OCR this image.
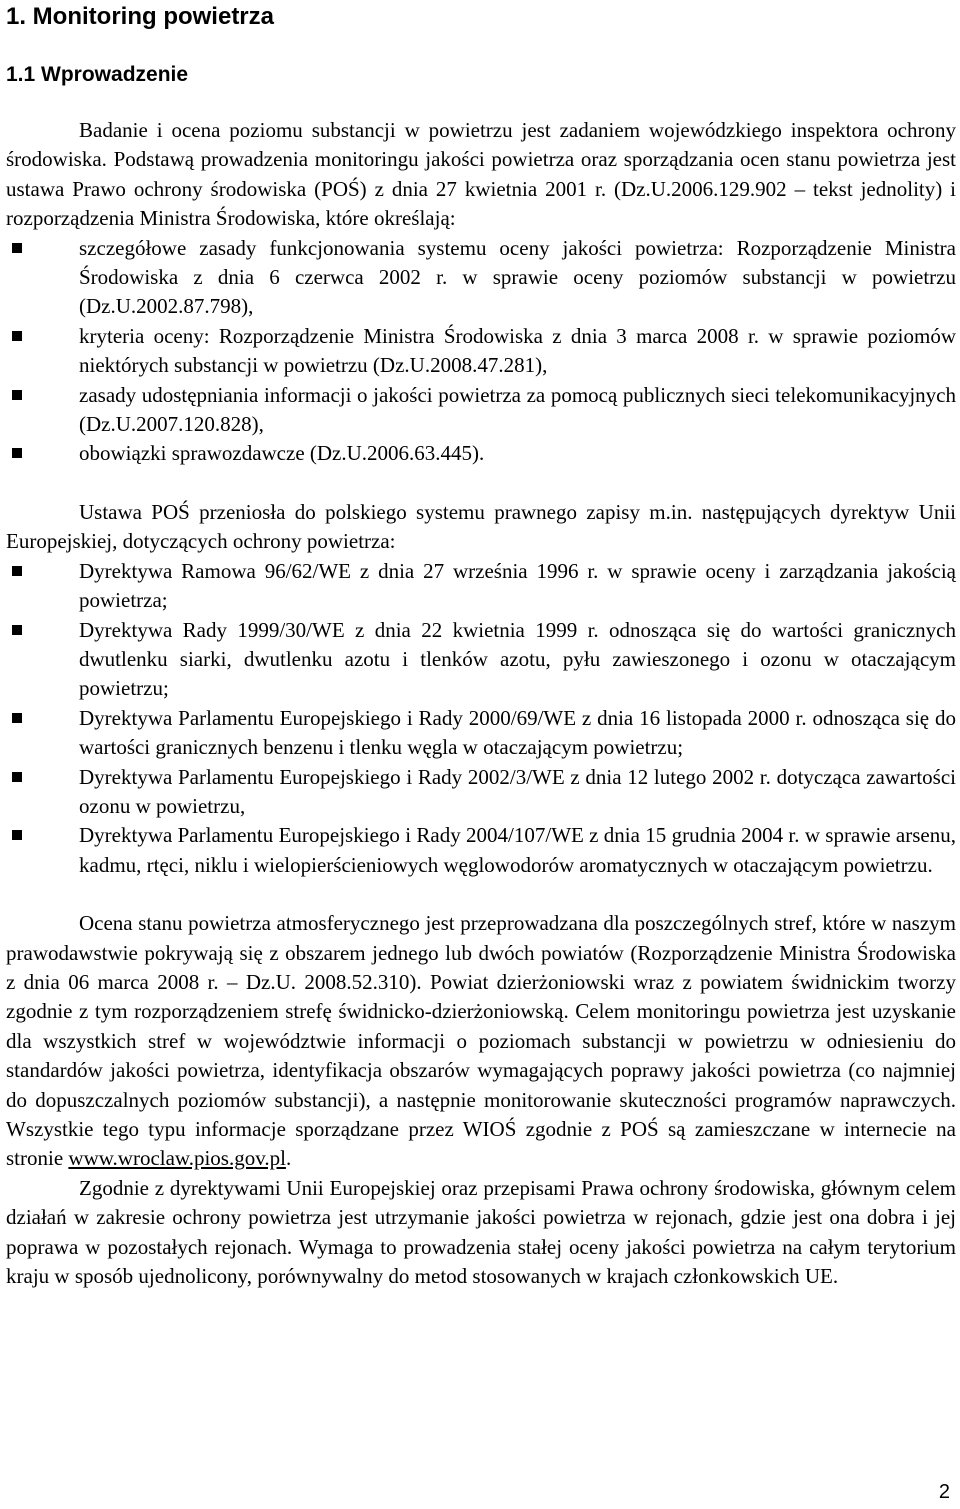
1. Monitoring powietrza
1.1 Wprowadzenie

Badanie i ocena poziomu substancji w powietrzu jest zadaniem wojewódzkiego inspektora ochrony środowiska. Podstawą prowadzenia monitoringu jakości powietrza oraz sporządzania ocen stanu powietrza jest ustawa Prawo ochrony środowiska (POŚ) z dnia 27 kwietnia 2001 r. (Dz.U.2006.129.902 – tekst jednolity) i rozporządzenia Ministra Środowiska, które określają:

szczegółowe zasady funkcjonowania systemu oceny jakości powietrza: Rozporządzenie Ministra Środowiska z dnia 6 czerwca 2002 r. w sprawie oceny poziomów substancji w powietrzu (Dz.U.2002.87.798),
kryteria oceny: Rozporządzenie Ministra Środowiska z dnia 3 marca 2008 r. w sprawie poziomów niektórych substancji w powietrzu (Dz.U.2008.47.281),
zasady udostępniania informacji o jakości powietrza za pomocą publicznych sieci telekomunikacyjnych (Dz.U.2007.120.828),
obowiązki sprawozdawcze (Dz.U.2006.63.445).

Ustawa POŚ przeniosła do polskiego systemu prawnego zapisy m.in. następujących dyrektyw Unii Europejskiej, dotyczących ochrony powietrza:

Dyrektywa Ramowa 96/62/WE z dnia 27 września 1996 r. w sprawie oceny i zarządzania jakością powietrza;
Dyrektywa Rady 1999/30/WE z dnia 22 kwietnia 1999 r. odnosząca się do wartości granicznych dwutlenku siarki, dwutlenku azotu i tlenków azotu, pyłu zawieszonego i ozonu w otaczającym powietrzu;
Dyrektywa Parlamentu Europejskiego i Rady 2000/69/WE z dnia 16 listopada 2000 r. odnosząca się do wartości granicznych benzenu i tlenku węgla w otaczającym powietrzu;
Dyrektywa Parlamentu Europejskiego i Rady 2002/3/WE z dnia 12 lutego 2002 r. dotycząca zawartości ozonu w powietrzu,
Dyrektywa Parlamentu Europejskiego i Rady 2004/107/WE z dnia 15 grudnia 2004 r. w sprawie arsenu, kadmu, rtęci, niklu i wielopierścieniowych węglowodorów aromatycznych w otaczającym powietrzu.

Ocena stanu powietrza atmosferycznego jest przeprowadzana dla poszczególnych stref, które w naszym prawodawstwie pokrywają się z obszarem jednego lub dwóch powiatów (Rozporządzenie Ministra Środowiska z dnia 06 marca 2008 r. – Dz.U. 2008.52.310). Powiat dzierżoniowski wraz z powiatem świdnickim tworzy zgodnie z tym rozporządzeniem strefę świdnicko-dzierżoniowską. Celem monitoringu powietrza jest uzyskanie dla wszystkich stref w województwie informacji o poziomach substancji w powietrzu w odniesieniu do standardów jakości powietrza, identyfikacja obszarów wymagających poprawy jakości powietrza (co najmniej do dopuszczalnych poziomów substancji), a następnie monitorowanie skuteczności programów naprawczych. Wszystkie tego typu informacje sporządzane przez WIOŚ zgodnie z POŚ są zamieszczane w internecie na stronie www.wroclaw.pios.gov.pl.

Zgodnie z dyrektywami Unii Europejskiej oraz przepisami Prawa ochrony środowiska, głównym celem działań w zakresie ochrony powietrza jest utrzymanie jakości powietrza w rejonach, gdzie jest ona dobra i jej poprawa w pozostałych rejonach. Wymaga to prowadzenia stałej oceny jakości powietrza na całym terytorium kraju w sposób ujednolicony, porównywalny do metod stosowanych w krajach członkowskich UE.

2
